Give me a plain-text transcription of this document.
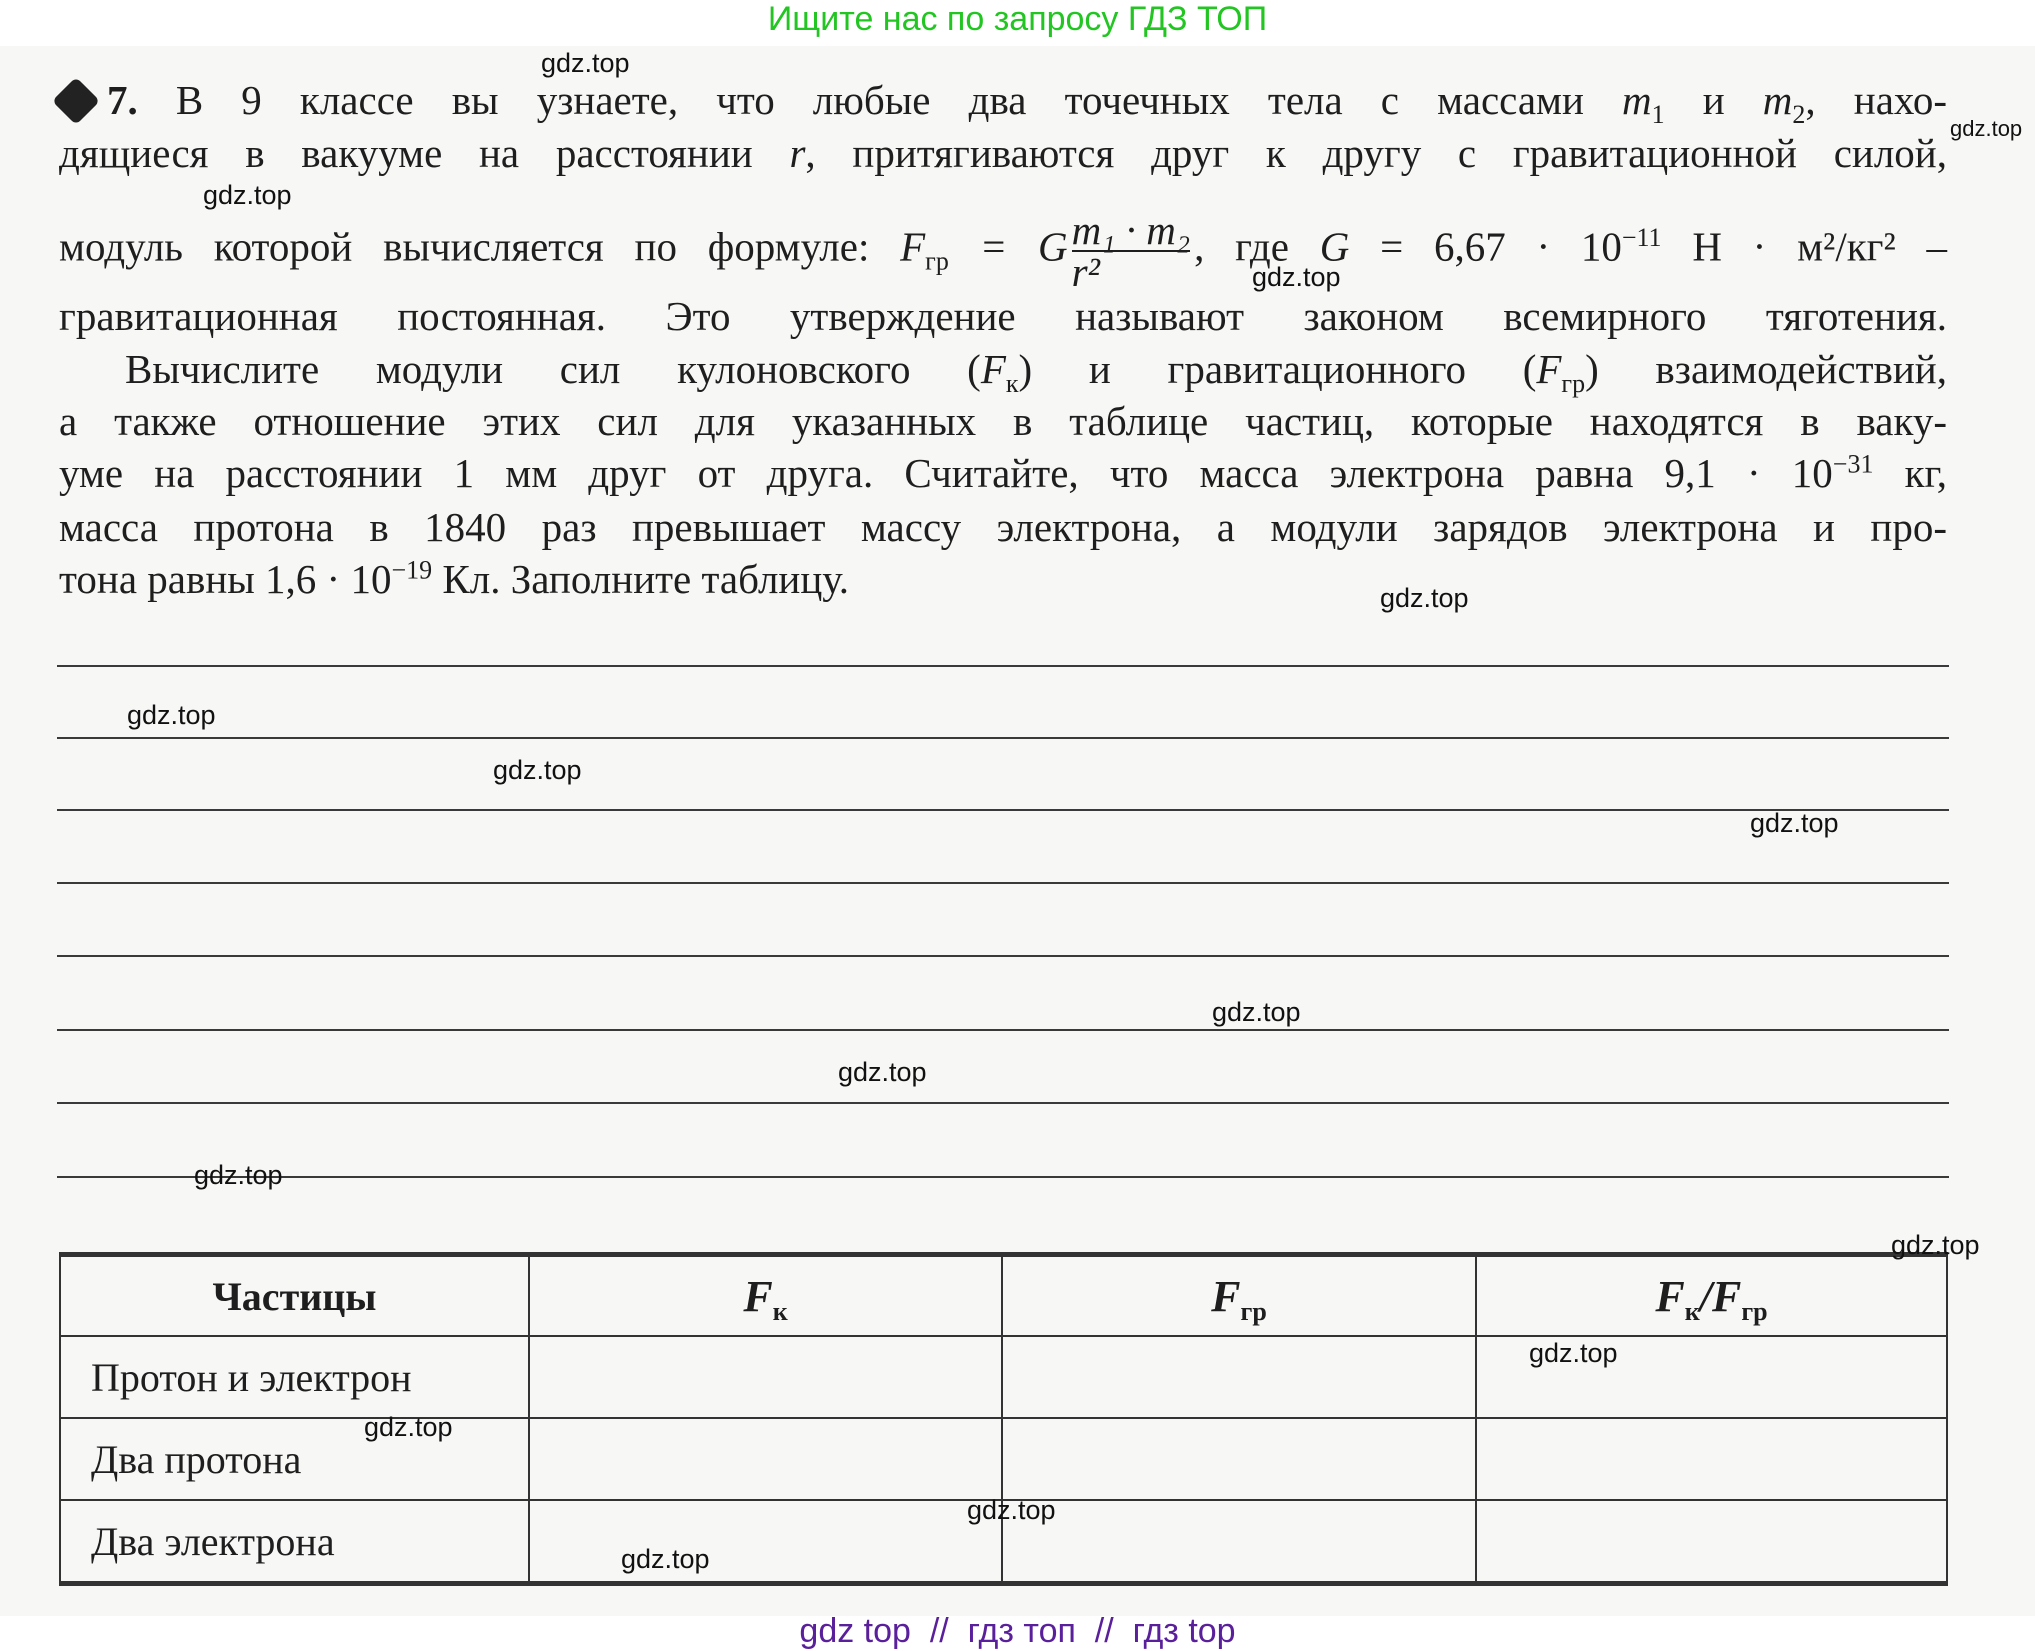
Ищите нас по запросу ГДЗ ТОП
7. В 9 классе вы узнаете, что любые два точечных тела с массами $m_1$ и $m_2$, нахо-
дящиеся в вакууме на расстоянии r, притягиваются друг к другу с гравитационной силой,
модуль которой вычисляется по формуле: $F_{гр} = G \frac{\text{m₁ · m₂}}{\text{r²}}$ , где $G = 6,67 \cdot 10^{-11}$ Н · м²/кг² –
гравитационная постоянная. Это утверждение называют законом всемирного тяготения.
Вычислите модули сил кулоновского $(F_к)$ и гравитационного $(F_{гр})$ взаимодействий,
а также отношение этих сил для указанных в таблице частиц, которые находятся в ваку-
уме на расстоянии 1 мм друг от друга. Считайте, что масса электрона равна $9,1 \cdot 10^{-31}$ кг,
масса протона в 1840 раз превышает массу электрона, а модули зарядов электрона и про-
тона равны $1,6 \cdot 10^{-19}$ Кл. Заполните таблицу.
Частицы	$F_к$	$F_{гр}$	$F_к/F_{гр}$
Протон и электрон			
Два протона			
Два электрона			
gdz.top
gdz.top
gdz.top
gdz.top
gdz.top
gdz.top
gdz.top
gdz.top
gdz.top
gdz.top
gdz.top
gdz.top
gdz.top
gdz.top
gdz.top
gdz.top
gdz top  //  гдз топ  //  гдз top
